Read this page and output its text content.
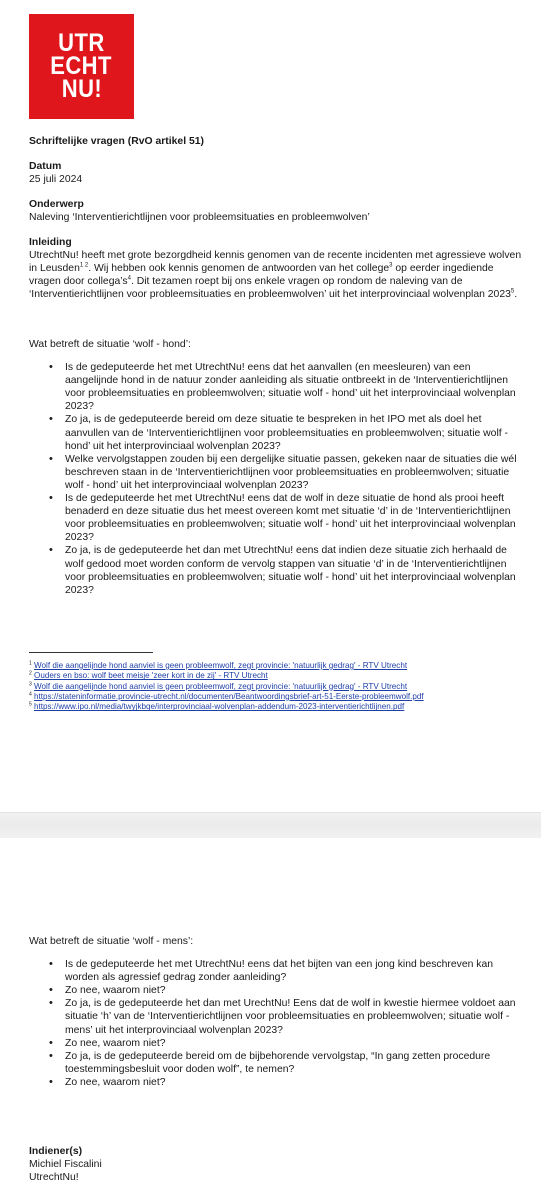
UTR
ECHT
NU!

Schriftelijke vragen (RvO artikel 51)

Datum

25 juli 2024

Onderwerp

Naleving ‘Interventierichtlijnen voor probleemsituaties en probleemwolven’

Inleiding

UtrechtNu! heeft met grote bezorgdheid kennis genomen van de recente incidenten met agressieve wolven in Leusden$^{1 2}$. Wij hebben ook kennis genomen de antwoorden van het college$^3$ op eerder ingediende vragen door $collega’s^4$. Dit tezamen roept bij ons enkele vragen op rondom de naleving van de ‘Interventierichtlijnen voor probleemsituaties en probleemwolven’ uit het interprovinciaal wolvenplan 2023$^5$.

Wat betreft de situatie ‘wolf - hond’:

• Is de gedeputeerde het met UtrechtNu! eens dat het aanvallen (en meesleuren) van een aangelijnde hond in de natuur zonder aanleiding als situatie ontbreekt in de ‘Interventierichtlijnen voor probleemsituaties en probleemwolven; situatie wolf - hond’ uit het interprovinciaal wolvenplan 2023?
• Zo ja, is de gedeputeerde bereid om deze situatie te bespreken in het IPO met als doel het aanvullen van de ‘Interventierichtlijnen voor probleemsituaties en probleemwolven; situatie wolf - hond’ uit het interprovinciaal wolvenplan 2023?
• Welke vervolgstappen zouden bij een dergelijke situatie passen, gekeken naar de situaties die wél beschreven staan in de ‘Interventierichtlijnen voor probleemsituaties en probleemwolven; situatie wolf - hond’ uit het interprovinciaal wolvenplan 2023?
• Is de gedeputeerde het met UtrechtNu! eens dat de wolf in deze situatie de hond als prooi heeft benaderd en deze situatie dus het meest overeen komt met situatie ‘d’ in de ‘Interventierichtlijnen voor probleemsituaties en probleemwolven; situatie wolf - hond’ uit het interprovinciaal wolvenplan 2023?
• Zo ja, is de gedeputeerde het dan met UtrechtNu! eens dat indien deze situatie zich herhaald de wolf gedood moet worden conform de vervolg stappen van situatie ‘d’ in de ‘Interventierichtlijnen voor probleemsituaties en probleemwolven; situatie wolf - hond’ uit het interprovinciaal wolvenplan 2023?

$^1$ Wolf die aangelijnde hond aanviel is geen probleemwolf, zegt provincie: 'natuurlijk gedrag' - RTV Utrecht

$^2$ Ouders en bso: wolf beet meisje 'zeer kort in de zij' - RTV Utrecht

$^3$ Wolf die aangelijnde hond aanviel is geen probleemwolf, zegt provincie: 'natuurlijk gedrag' - RTV Utrecht

$^4$ https://stateninformatie.provincie-utrecht.nl/documenten/Beantwoordingsbrief-art-51-Eerste-probleemwolf.pdf

$^5$ https://www.ipo.nl/media/twyjkbqe/interprovinciaal-wolvenplan-addendum-2023-interventierichtlijnen.pdf

Wat betreft de situatie ‘wolf - mens’:

• Is de gedeputeerde het met UtrechtNu! eens dat het bijten van een jong kind beschreven kan worden als agressief gedrag zonder aanleiding?
• Zo nee, waarom niet?
• Zo ja, is de gedeputeerde het dan met UrechtNu! Eens dat de wolf in kwestie hiermee voldoet aan situatie ‘h’ van de ‘Interventierichtlijnen voor probleemsituaties en probleemwolven; situatie wolf - mens’ uit het interprovinciaal wolvenplan 2023?
• Zo nee, waarom niet?
• Zo ja, is de gedeputeerde bereid om de bijbehorende vervolgstap, “In gang zetten procedure toestemmingsbesluit voor doden wolf”, te nemen?
• Zo nee, waarom niet?

Indiener(s)

Michiel Fiscalini

UtrechtNu!
